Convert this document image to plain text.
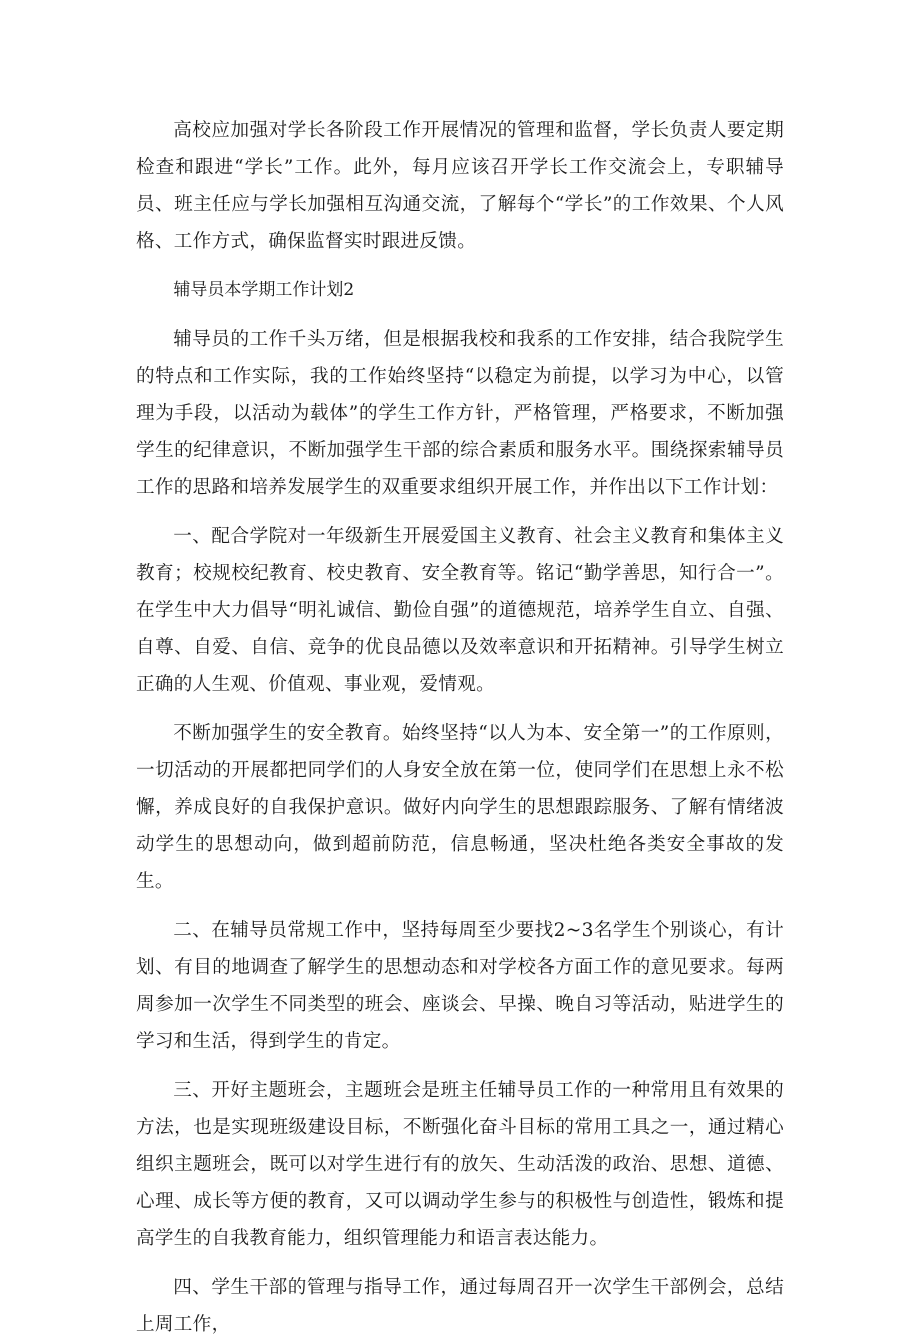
高校应加强对学长各阶段工作开展情况的管理和监督，学长负责人要定期检查和跟进“学长”工作。此外，每月应该召开学长工作交流会上，专职辅导员、班主任应与学长加强相互沟通交流，了解每个“学长”的工作效果、个人风格、工作方式，确保监督实时跟进反馈。

辅导员本学期工作计划2

辅导员的工作千头万绪，但是根据我校和我系的工作安排，结合我院学生的特点和工作实际，我的工作始终坚持“以稳定为前提，以学习为中心，以管理为手段，以活动为载体”的学生工作方针，严格管理，严格要求，不断加强学生的纪律意识，不断加强学生干部的综合素质和服务水平。围绕探索辅导员工作的思路和培养发展学生的双重要求组织开展工作，并作出以下工作计划：

一、配合学院对一年级新生开展爱国主义教育、社会主义教育和集体主义教育；校规校纪教育、校史教育、安全教育等。铭记“勤学善思，知行合一”。在学生中大力倡导“明礼诚信、勤俭自强”的道德规范，培养学生自立、自强、自尊、自爱、自信、竞争的优良品德以及效率意识和开拓精神。引导学生树立正确的人生观、价值观、事业观，爱情观。

不断加强学生的安全教育。始终坚持“以人为本、安全第一”的工作原则，一切活动的开展都把同学们的人身安全放在第一位，使同学们在思想上永不松懈，养成良好的自我保护意识。做好内向学生的思想跟踪服务、了解有情绪波动学生的思想动向，做到超前防范，信息畅通，坚决杜绝各类安全事故的发生。

二、在辅导员常规工作中，坚持每周至少要找2~3名学生个别谈心，有计划、有目的地调查了解学生的思想动态和对学校各方面工作的意见要求。每两周参加一次学生不同类型的班会、座谈会、早操、晚自习等活动，贴进学生的学习和生活，得到学生的肯定。

三、开好主题班会，主题班会是班主任辅导员工作的一种常用且有效果的方法，也是实现班级建设目标，不断强化奋斗目标的常用工具之一，通过精心组织主题班会，既可以对学生进行有的放矢、生动活泼的政治、思想、道德、心理、成长等方便的教育，又可以调动学生参与的积极性与创造性，锻炼和提高学生的自我教育能力，组织管理能力和语言表达能力。

四、学生干部的管理与指导工作，通过每周召开一次学生干部例会，总结上周工作，
